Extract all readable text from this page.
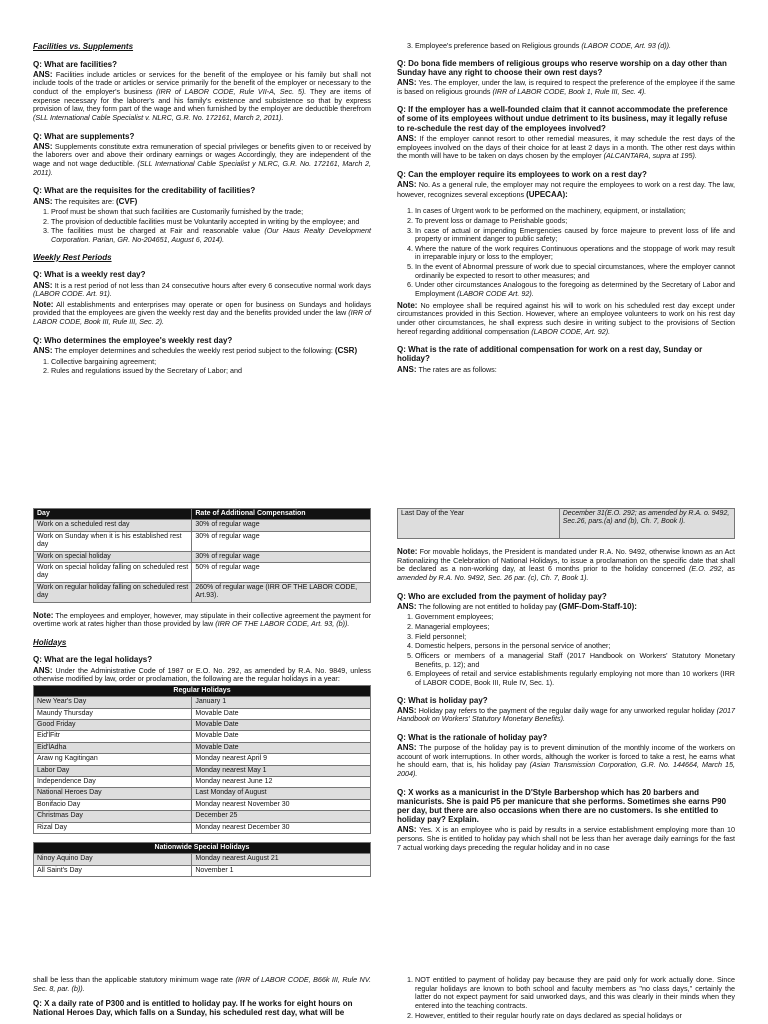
Facilities vs. Supplements
Q: What are facilities?
ANS: Facilities include articles or services for the benefit of the employee or his family but shall not include tools of the trade or articles or service primarily for the benefit of the employer or necessary to the conduct of the employer's business (IRR of LABOR CODE, Rule VII-A, Sec. 5). They are items of expense necessary for the laborer's and his family's existence and subsistence so that by express provision of law, they form part of the wage and when furnished by the employer are deductible therefrom (SLL International Cable Specialist v. NLRC, G.R. No. 172161, March 2, 2011).
Q: What are supplements?
ANS: Supplements constitute extra remuneration of special privileges or benefits given to or received by the laborers over and above their ordinary earnings or wages Accordingly, they are independent of the wage and not wage deductible. (SLL International Cable Specialist y NLRC, G.R. No. 172161, March 2, 2011).
Q: What are the requisites for the creditability of facilities?
ANS: The requisites are: (CVF)
1. Proof must be shown that such facilities are Customarily furnished by the trade;
2. The provision of deductible facilities must be Voluntarily accepted in writing by the employee; and
3. The facilities must be charged at Fair and reasonable value (Our Haus Realty Development Corporation. Parian, GR. No-204651, August 6, 2014).
Weekly Rest Periods
Q: What is a weekly rest day?
ANS: It is a rest period of not less than 24 consecutive hours after every 6 consecutive normal work days (LABOR CODE. Art. 91).
Note: All establishments and enterprises may operate or open for business on Sundays and holidays provided that the employees are given the weekly rest day and the benefits provided under the law (IRR of LABOR CODE, Book III, Rule III, Sec. 2).
Q: Who determines the employee's weekly rest day?
ANS: The employer determines and schedules the weekly rest period subject to the following: (CSR)
1. Collective bargaining agreement;
2. Rules and regulations issued by the Secretary of Labor; and
3. Employee's preference based on Religious grounds (LABOR CODE, Art. 93 (d)).
Q: Do bona fide members of religious groups who reserve worship on a day other than Sunday have any right to choose their own rest days?
ANS: Yes. The employer, under the law, is required to respect the preference of the employee if the same is based on religious grounds (IRR of LABOR CODE, Book 1, Rule III, Sec. 4).
Q: If the employer has a well-founded claim that it cannot accommodate the preference of some of its employees without undue detriment to its business, may it legally refuse to re-schedule the rest day of the employees involved?
ANS: If the employer cannot resort to other remedial measures, it may schedule the rest days of the employees involved on the days of their choice for at least 2 days in a month. The other rest days within the month will have to be taken on days chosen by the employer (ALCANTARA, supra at 195).
Q: Can the employer require its employees to work on a rest day?
ANS: No. As a general rule, the employer may not require the employees to work on a rest day. The law, however, recognizes several exceptions (UPECAA):
1. In cases of Urgent work to be performed on the machinery, equipment, or installation;
2. To prevent loss or damage to Perishable goods;
3. In case of actual or impending Emergencies caused by force majeure to prevent loss of life and property or imminent danger to public safety;
4. Where the nature of the work requires Continuous operations and the stoppage of work may result in irreparable injury or loss to the employer;
5. In the event of Abnormal pressure of work due to special circumstances, where the employer cannot ordinarily be expected to resort to other measures; and
6. Under other circumstances Analogous to the foregoing as determined by the Secretary of Labor and Employment (LABOR CODE Art. 92).
Note: No employee shall be required against his will to work on his scheduled rest day except under circumstances provided in this Section. However, where an employee volunteers to work on his rest day under other circumstances, he shall express such desire in writing subject to the provisions of Section hereof regarding additional compensation (LABOR CODE, Art. 92).
Q: What is the rate of additional compensation for work on a rest day, Sunday or holiday?
ANS: The rates are as follows:
Day	Rate of Additional Compensation
Work on a scheduled rest day	30% of regular wage
Work on Sunday when it is his established rest day	30% of regular wage
Work on special holiday	30% of regular wage
Work on special holiday falling on scheduled rest day	50% of regular wage
Work on regular holiday falling on scheduled rest day	260% of regular wage (IRR OF THE LABOR CODE, Art.93).
Note: The employees and employer, however, may stipulate in their collective agreement the payment for overtime work at rates higher than those provided by law (IRR OF THE LABOR CODE, Art. 93, (b)).
Holidays
Q: What are the legal holidays?
ANS: Under the Administrative Code of 1987 or E.O. No. 292, as amended by R.A. No. 9849, unless otherwise modified by law, order or proclamation, the following are the regular holidays in a year:
Regular Holidays	
New Year's Day	January 1
Maundy Thursday	Movable Date
Good Friday	Movable Date
Eid'lFitr	Movable Date
Eid'lAdha	Movable Date
Araw ng Kagitingan	Monday nearest April 9
Labor Day	Monday nearest May 1
Independence Day	Monday nearest June 12
National Heroes Day	Last Monday of August
Bonifacio Day	Monday nearest November 30
Christmas Day	December 25
Rizal Day	Monday nearest December 30
Nationwide Special Holidays	
Ninoy Aquino Day	Monday nearest August 21
All Saint's Day	November 1
Last Day of the Year	December 31(E.O. 292; as amended by R.A. o. 9492, Sec.26, pars.(a) and (b), Ch. 7, Book I).
Note: For movable holidays, the President is mandated under R.A. No. 9492, otherwise known as an Act Rationalizing the Celebration of National Holidays, to issue a proclamation on the specific date that shall be declared as a non-working day, at least 6 months prior to the holiday concerned (E.O. 292, as amended by R.A. No. 9492, Sec. 26 par. (c), Ch. 7, Book 1).
Q: Who are excluded from the payment of holiday pay?
ANS: The following are not entitled to holiday pay (GMF-Dom-Staff-10):
1. Government employees;
2. Managerial employees;
3. Field personnel;
4. Domestic helpers, persons in the personal service of another;
5. Officers or members of a managerial Staff (2017 Handbook on Workers' Statutory Monetary Benefits, p. 12); and
6. Employees of retail and service establishments regularly employing not more than 10 workers (IRR of LABOR CODE, Book III, Rule IV, Sec. 1).
Q: What is holiday pay?
ANS: Holiday pay refers to the payment of the regular daily wage for any unworked regular holiday (2017 Handbook on Workers' Statutory Monetary Benefits).
Q: What is the rationale of holiday pay?
ANS: The purpose of the holiday pay is to prevent diminution of the monthly income of the workers on account of work interruptions. In other words, although the worker is forced to take a rest, he earns what he should earn, that is, his holiday pay (Asian Transmission Corporation, G.R. No. 144664, March 15, 2004).
Q: X works as a manicurist in the D'Style Barbershop which has 20 barbers and manicurists. She is paid P5 per manicure that she performs. Sometimes she earns P90 per day, but there are also occasions when there are no customers. Is she entitled to holiday pay? Explain.
ANS: Yes. X is an employee who is paid by results in a service establishment employing more than 10 persons. She is entitled to holiday pay which shall not be less than her average daily earnings for the fast 7 actual working days preceding the regular holiday and in no case
shall be less than the applicable statutory minimum wage rate (IRR of LABOR CODE, B66k III, Rule NV. Sec. 8, par. (b)).
Q: X a daily rate of P300 and is entitled to holiday pay. If he works for eight hours on National Heroes Day, which falls on a Sunday, his scheduled rest day, what will be
1. NOT entitled to payment of holiday pay because they are paid only for work actually done. Since regular holidays are known to both school and faculty members as "no class days," certainly the latter do not expect payment for said unworked days, and this was clearly in their minds when they entered into the teaching contracts.
2. However, entitled to their regular hourly rate on days declared as special holidays or
